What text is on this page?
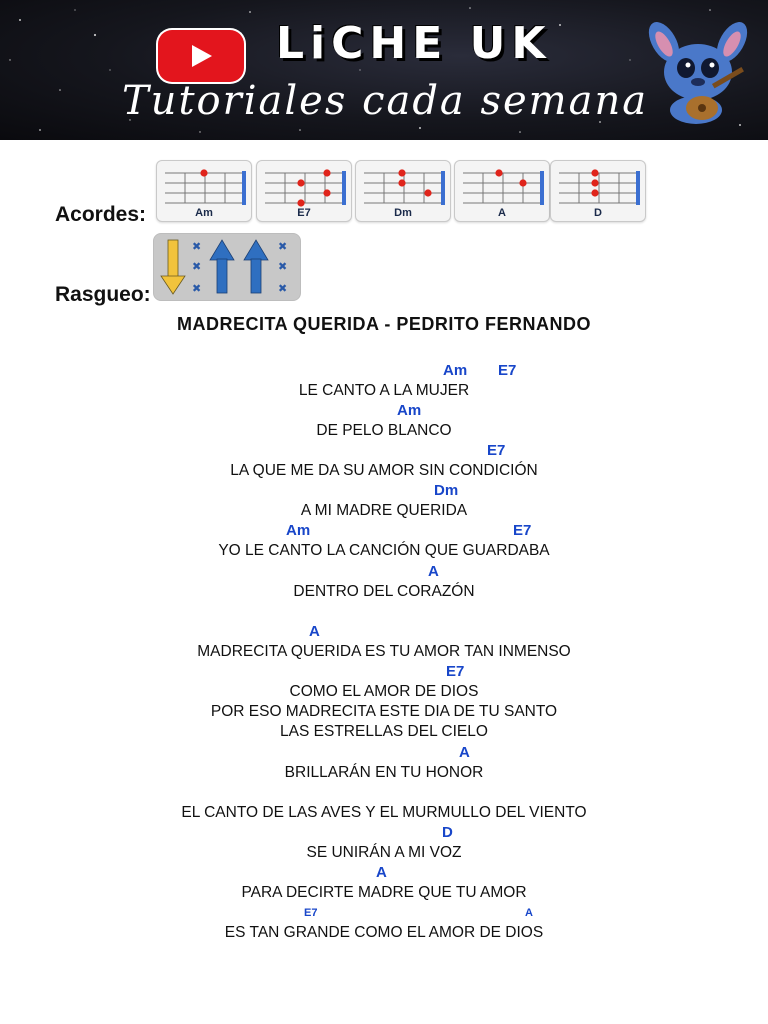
LiCHE UK
Tutoriales cada semana
Acordes:
Rasgueo:
Am	E7	Dm	A	D
✖
✖
✖
✖
✖
✖
MADRECITA QUERIDA - PEDRITO FERNANDO
Am E7
Am
E7
Dm
Am	E7
A
A
E7
A
D
A
E7	A
LE CANTO A LA MUJER
DE PELO BLANCO
LA QUE ME DA SU AMOR SIN CONDICIÓN
A MI MADRE QUERIDA
YO LE CANTO LA CANCIÓN QUE GUARDABA
DENTRO DEL CORAZÓN
MADRECITA QUERIDA ES TU AMOR TAN INMENSO
COMO EL AMOR DE DIOS
POR ESO MADRECITA ESTE DIA DE TU SANTO
LAS ESTRELLAS DEL CIELO
BRILLARÁN EN TU HONOR
EL CANTO DE LAS AVES Y EL MURMULLO DEL VIENTO
SE UNIRÁN A MI VOZ
PARA DECIRTE MADRE QUE TU AMOR
ES TAN GRANDE COMO EL AMOR DE DIOS
